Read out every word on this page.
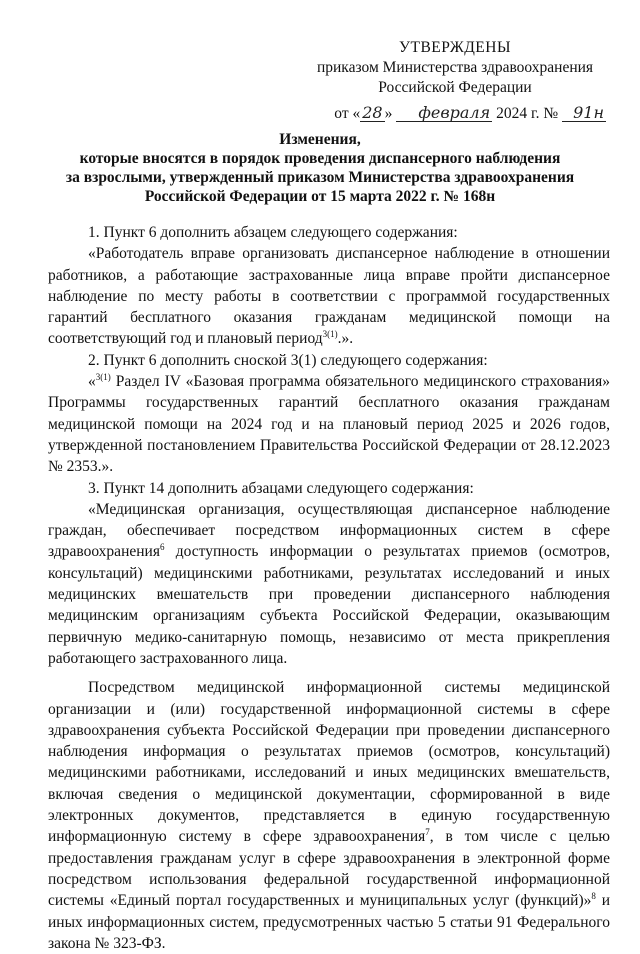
УТВЕРЖДЕНЫ
приказом Министерства здравоохранения
Российской Федерации
от « 28 » февраля 2024 г. № 91н
Изменения,
которые вносятся в порядок проведения диспансерного наблюдения
за взрослыми, утвержденный приказом Министерства здравоохранения
Российской Федерации от 15 марта 2022 г. № 168н

1. Пункт 6 дополнить абзацем следующего содержания:

«Работодатель вправе организовать диспансерное наблюдение в отношении работников, а работающие застрахованные лица вправе пройти диспансерное наблюдение по месту работы в соответствии с программой государственных гарантий бесплатного оказания гражданам медицинской помощи на соответствующий год и плановый период$^{3(1)}$.».

2. Пункт 6 дополнить сноской 3(1) следующего содержания:

«$^{3(1)}$ Раздел IV «Базовая программа обязательного медицинского страхования» Программы государственных гарантий бесплатного оказания гражданам медицинской помощи на 2024 год и на плановый период 2025 и 2026 годов, утвержденной постановлением Правительства Российской Федерации от 28.12.2023 № 2353.».

3. Пункт 14 дополнить абзацами следующего содержания:

«Медицинская организация, осуществляющая диспансерное наблюдение граждан, обеспечивает посредством информационных систем в сфере здравоохранения$^6$ доступность информации о результатах приемов (осмотров, консультаций) медицинскими работниками, результатах исследований и иных медицинских вмешательств при проведении диспансерного наблюдения медицинским организациям субъекта Российской Федерации, оказывающим первичную медико-санитарную помощь, независимо от места прикрепления работающего застрахованного лица.

Посредством медицинской информационной системы медицинской организации и (или) государственной информационной системы в сфере здравоохранения субъекта Российской Федерации при проведении диспансерного наблюдения информация о результатах приемов (осмотров, консультаций) медицинскими работниками, исследований и иных медицинских вмешательств, включая сведения о медицинской документации, сформированной в виде электронных документов, представляется в единую государственную информационную систему в сфере здравоохранения$^7$, в том числе с целью предоставления гражданам услуг в сфере здравоохранения в электронной форме посредством использования федеральной государственной информационной системы «Единый портал государственных и муниципальных услуг (функций)»$^8$ и иных информационных систем, предусмотренных частью 5 статьи 91 Федерального закона № 323-ФЗ.
